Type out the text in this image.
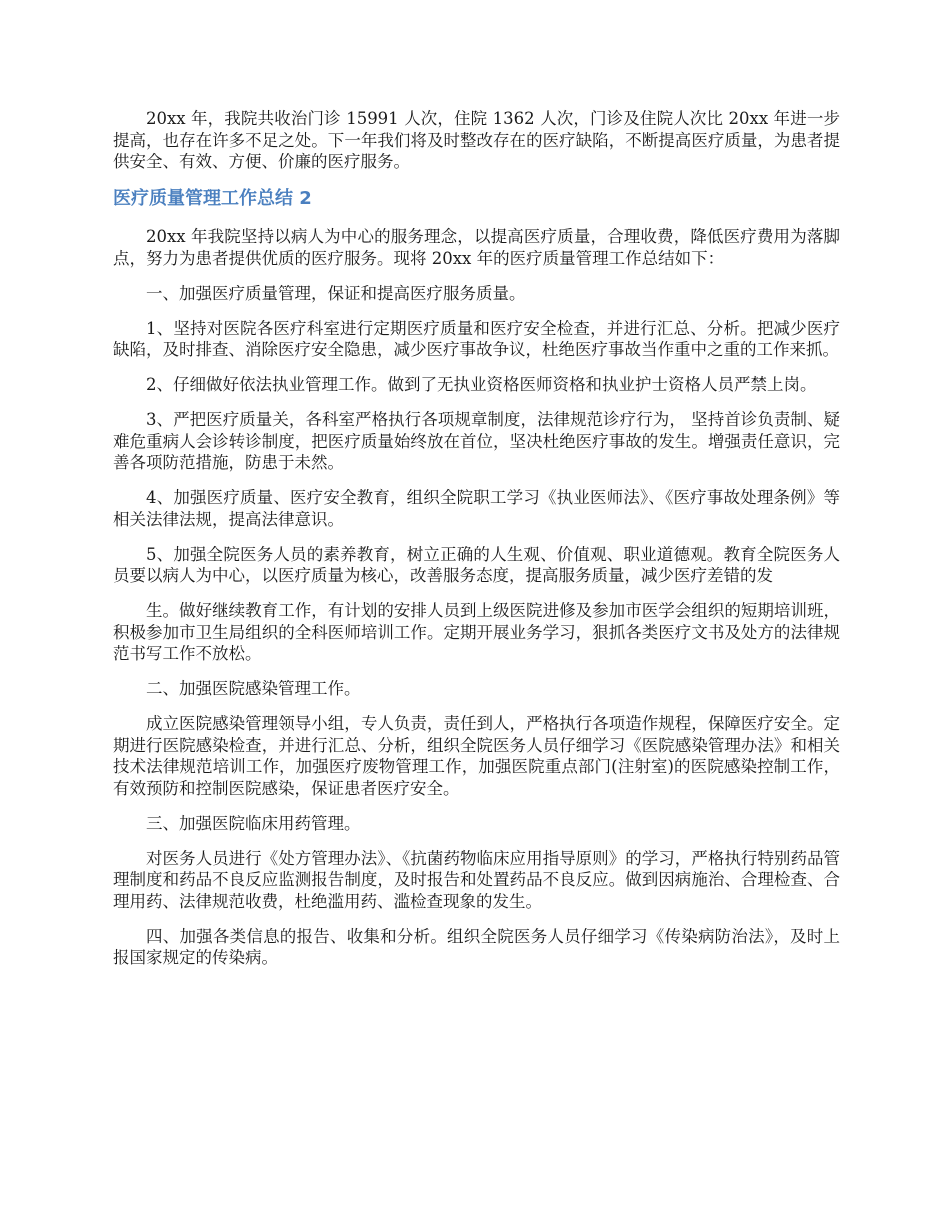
20xx 年，我院共收治门诊 15991 人次，住院 1362 人次，门诊及住院人次比 20xx 年进一步提高，也存在许多不足之处。下一年我们将及时整改存在的医疗缺陷，不断提高医疗质量，为患者提供安全、有效、方便、价廉的医疗服务。

医疗质量管理工作总结 2

20xx 年我院坚持以病人为中心的服务理念，以提高医疗质量，合理收费，降低医疗费用为落脚点，努力为患者提供优质的医疗服务。现将 20xx 年的医疗质量管理工作总结如下：

一、加强医疗质量管理，保证和提高医疗服务质量。

1、坚持对医院各医疗科室进行定期医疗质量和医疗安全检查，并进行汇总、分析。把减少医疗缺陷，及时排查、消除医疗安全隐患，减少医疗事故争议，杜绝医疗事故当作重中之重的工作来抓。

2、仔细做好依法执业管理工作。做到了无执业资格医师资格和执业护士资格人员严禁上岗。

3、严把医疗质量关，各科室严格执行各项规章制度，法律规范诊疗行为， 坚持首诊负责制、疑难危重病人会诊转诊制度，把医疗质量始终放在首位，坚决杜绝医疗事故的发生。增强责任意识，完善各项防范措施，防患于未然。

4、加强医疗质量、医疗安全教育，组织全院职工学习《执业医师法》、《医疗事故处理条例》等相关法律法规，提高法律意识。

5、加强全院医务人员的素养教育，树立正确的人生观、价值观、职业道德观。教育全院医务人员要以病人为中心，以医疗质量为核心，改善服务态度，提高服务质量，减少医疗差错的发

生。做好继续教育工作，有计划的安排人员到上级医院进修及参加市医学会组织的短期培训班，积极参加市卫生局组织的全科医师培训工作。定期开展业务学习，狠抓各类医疗文书及处方的法律规范书写工作不放松。

二、加强医院感染管理工作。

成立医院感染管理领导小组，专人负责，责任到人，严格执行各项造作规程，保障医疗安全。定期进行医院感染检查，并进行汇总、分析，组织全院医务人员仔细学习《医院感染管理办法》和相关技术法律规范培训工作，加强医疗废物管理工作，加强医院重点部门(注射室)的医院感染控制工作，有效预防和控制医院感染，保证患者医疗安全。

三、加强医院临床用药管理。

对医务人员进行《处方管理办法》、《抗菌药物临床应用指导原则》的学习，严格执行特别药品管理制度和药品不良反应监测报告制度，及时报告和处置药品不良反应。做到因病施治、合理检查、合理用药、法律规范收费，杜绝滥用药、滥检查现象的发生。

四、加强各类信息的报告、收集和分析。组织全院医务人员仔细学习《传染病防治法》，及时上报国家规定的传染病。
